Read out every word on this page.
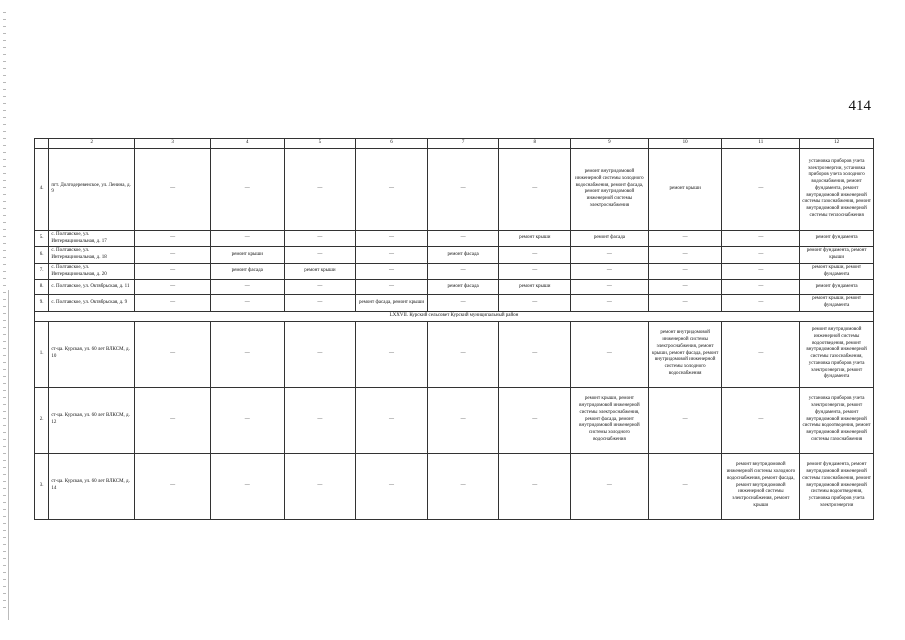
414
	2	3	4	5	6	7	8	9	10	11	12
4.	пгт. Долгодеревенское, ул. Ленина, д. 9	—	—	—	—	—	—	ремонт внутридомовой инженерной системы холодного водоснабжения, ремонт фасада, ремонт внутридомовой инженерной системы электроснабжения	ремонт крыши	—	установка приборов учета электроэнергии, установка приборов учета холодного водоснабжения, ремонт фундамента, ремонт внутридомовой инженерной системы газоснабжения, ремонт внутридомовой инженерной системы теплоснабжения
5.	с. Полтавское, ул. Интернациональная, д. 17	—	—	—	—	—	ремонт крыши	ремонт фасада	—	—	ремонт фундамента
6.	с. Полтавское, ул. Интернациональная, д. 18	—	ремонт крыши	—	—	ремонт фасада	—	—	—	—	ремонт фундамента, ремонт крыши
7.	с. Полтавское, ул. Интернациональная, д. 20	—	ремонт фасада	ремонт крыши	—	—	—	—	—	—	ремонт крыши, ремонт фундамента
8.	с. Полтавское, ул. Октябрьская, д. 11	—	—	—	—	ремонт фасада	ремонт крыши	—	—	—	ремонт фундамента
9.	с. Полтавское, ул. Октябрьская, д. 9	—	—	—	ремонт фасада, ремонт крыши	—	—	—	—	—	ремонт крыши, ремонт фундамента
LXXVII. Курский сельсовет Курский муниципальный район											
1.	ст-ца. Курская, ул. 60 лет ВЛКСМ, д. 10	—	—	—	—	—	—	—	ремонт внутридомовой инженерной системы электроснабжения, ремонт крыши, ремонт фасада, ремонт внутридомовой инженерной системы холодного водоснабжения	—	ремонт внутридомовой инженерной системы водоотведения, ремонт внутридомовой инженерной системы газоснабжения, установка приборов учета электроэнергии, ремонт фундамента
2.	ст-ца. Курская, ул. 60 лет ВЛКСМ, д. 12	—	—	—	—	—	—	ремонт крыши, ремонт внутридомовой инженерной системы электроснабжения, ремонт фасада, ремонт внутридомовой инженерной системы холодного водоснабжения	—	—	установка приборов учета электроэнергии, ремонт фундамента, ремонт внутридомовой инженерной системы водоотведения, ремонт внутридомовой инженерной системы газоснабжения
3.	ст-ца. Курская, ул. 60 лет ВЛКСМ, д. 14	—	—	—	—	—	—	—	—	ремонт внутридомовой инженерной системы холодного водоснабжения, ремонт фасада, ремонт внутридомовой инженерной системы электроснабжения, ремонт крыши	ремонт фундамента, ремонт внутридомовой инженерной системы газоснабжения, ремонт внутридомовой инженерной системы водоотведения, установка приборов учета электроэнергии
